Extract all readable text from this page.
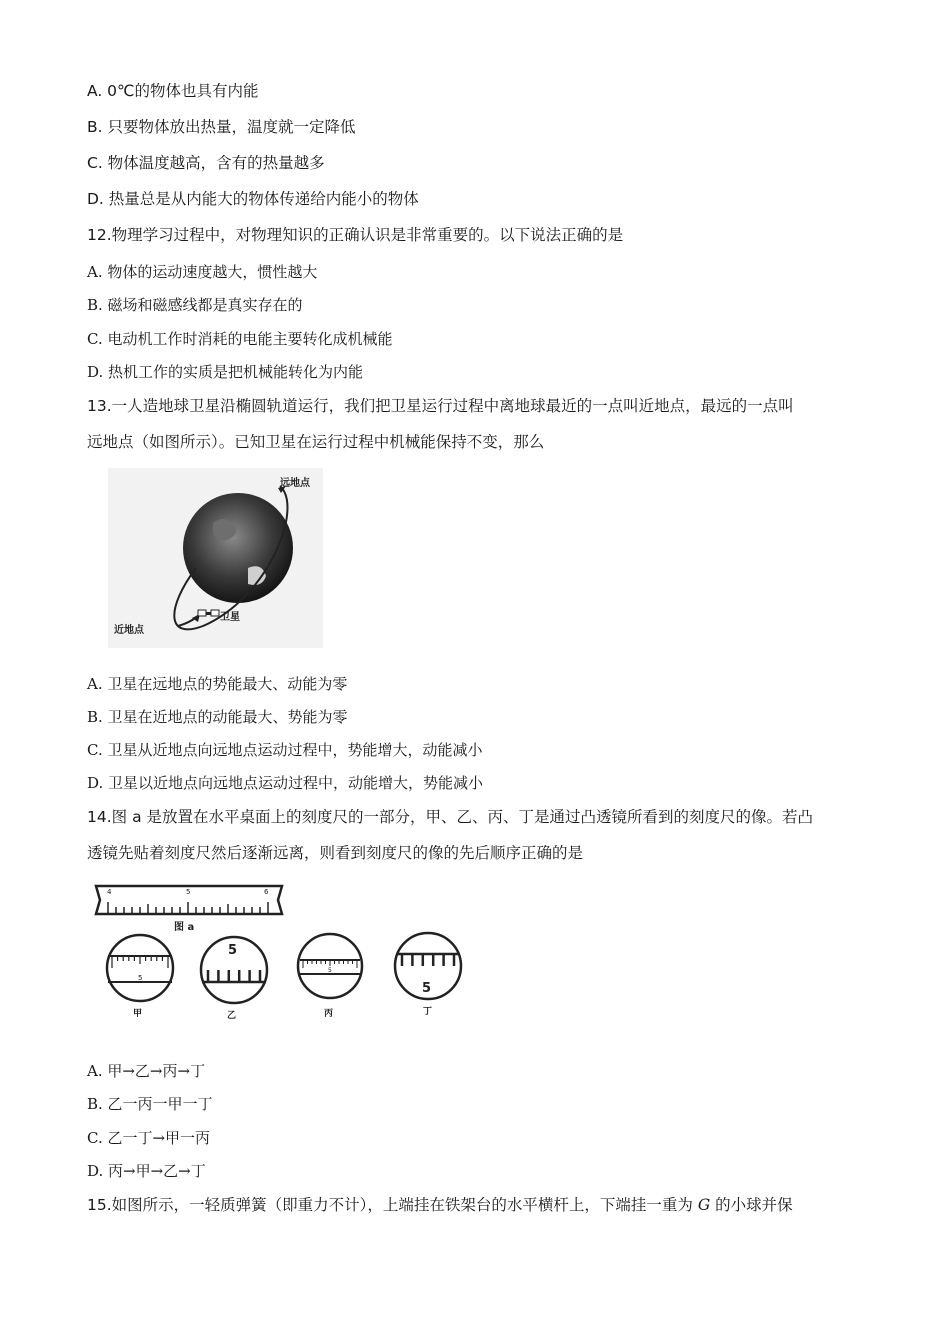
A. 0℃的物体也具有内能
B. 只要物体放出热量，温度就一定降低
C. 物体温度越高，含有的热量越多
D. 热量总是从内能大的物体传递给内能小的物体
12.物理学习过程中，对物理知识的正确认识是非常重要的。以下说法正确的是
A. 物体的运动速度越大，惯性越大
B. 磁场和磁感线都是真实存在的
C. 电动机工作时消耗的电能主要转化成机械能
D. 热机工作的实质是把机械能转化为内能
13.一人造地球卫星沿椭圆轨道运行，我们把卫星运行过程中离地球最近的一点叫近地点，最远的一点叫
远地点（如图所示）。已知卫星在运行过程中机械能保持不变，那么
远地点
近地点
卫星
A. 卫星在远地点的势能最大、动能为零
B. 卫星在近地点的动能最大、势能为零
C. 卫星从近地点向远地点运动过程中，势能增大，动能减小
D. 卫星以近地点向远地点运动过程中，动能增大，势能减小
14.图 a 是放置在水平桌面上的刻度尺的一部分，甲、乙、丙、丁是通过凸透镜所看到的刻度尺的像。若凸
透镜先贴着刻度尺然后逐渐远离，则看到刻度尺的像的先后顺序正确的是
4	5	6
图 a
5
甲
5
乙
5
丙
5
丁
A. 甲→乙→丙→丁
B. 乙一丙一甲一丁
C. 乙一丁→甲一丙
D. 丙→甲→乙→丁
15.如图所示，一轻质弹簧（即重力不计），上端挂在铁架台的水平横杆上，下端挂一重为 G 的小球并保
